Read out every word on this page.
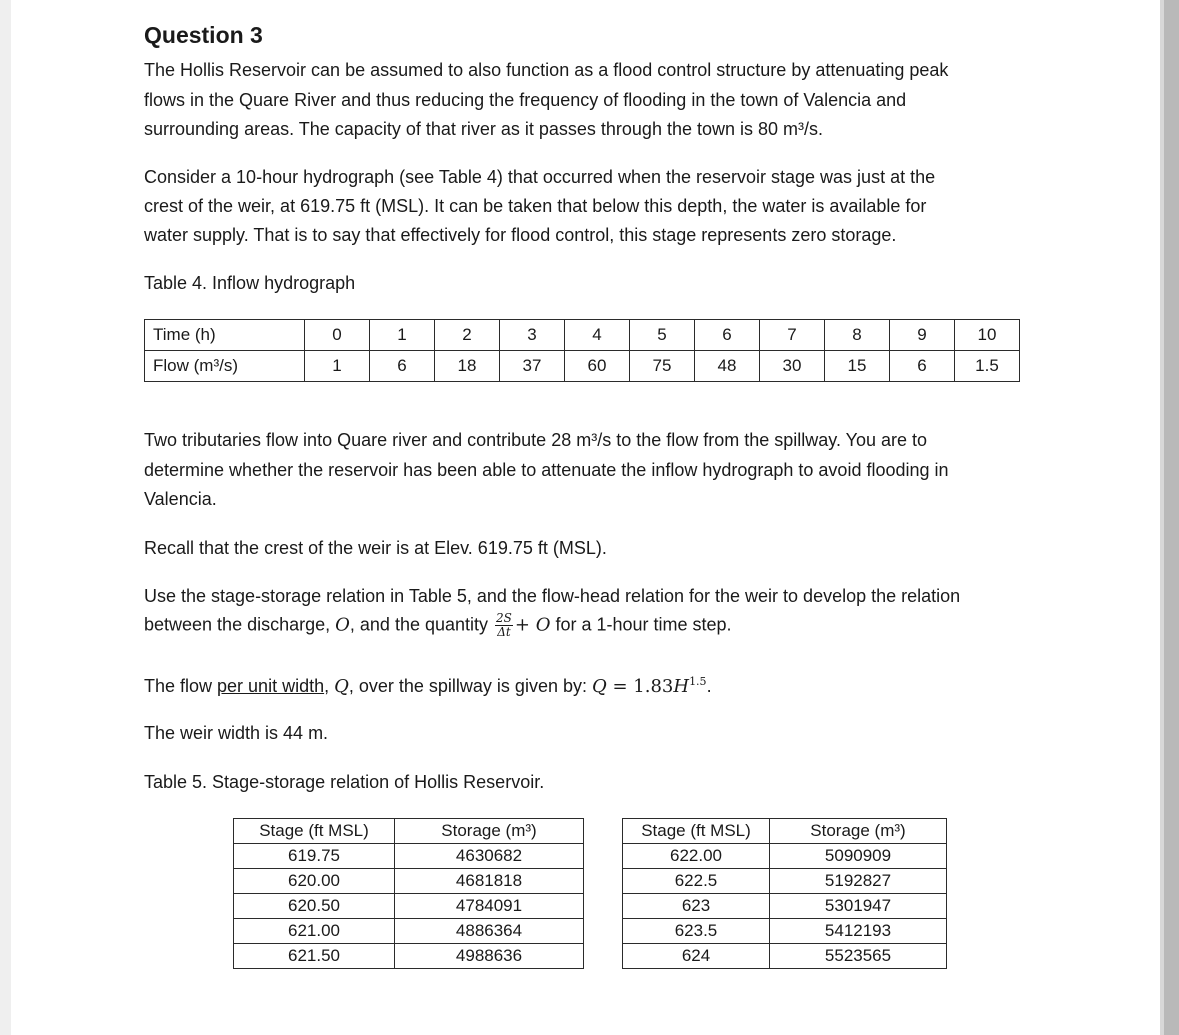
Question 3
The Hollis Reservoir can be assumed to also function as a flood control structure by attenuating peak
flows in the Quare River and thus reducing the frequency of flooding in the town of Valencia and
surrounding areas. The capacity of that river as it passes through the town is 80 m³/s.
Consider a 10-hour hydrograph (see Table 4) that occurred when the reservoir stage was just at the
crest of the weir, at 619.75 ft (MSL). It can be taken that below this depth, the water is available for
water supply. That is to say that effectively for flood control, this stage represents zero storage.
Table 4. Inflow hydrograph
Time (h)	0	1	2	3	4	5	6	7	8	9	10
Flow (m³/s)	1	6	18	37	60	75	48	30	15	6	1.5
Two tributaries flow into Quare river and contribute 28 m³/s to the flow from the spillway. You are to
determine whether the reservoir has been able to attenuate the inflow hydrograph to avoid flooding in
Valencia.
Recall that the crest of the weir is at Elev. 619.75 ft (MSL).
Use the stage-storage relation in Table 5, and the flow-head relation for the weir to develop the relation
between the discharge, O, and the quantity $\frac{2S}{\Delta t} + O$ for a 1-hour time step.
The flow per unit width, Q, over the spillway is given by: $Q = 1.83H^{1.5}$.
The weir width is 44 m.
Table 5. Stage-storage relation of Hollis Reservoir.
Stage (ft MSL)	Storage (m³)
619.75	4630682
620.00	4681818
620.50	4784091
621.00	4886364
621.50	4988636
Stage (ft MSL)	Storage (m³)
622.00	5090909
622.5	5192827
623	5301947
623.5	5412193
624	5523565
